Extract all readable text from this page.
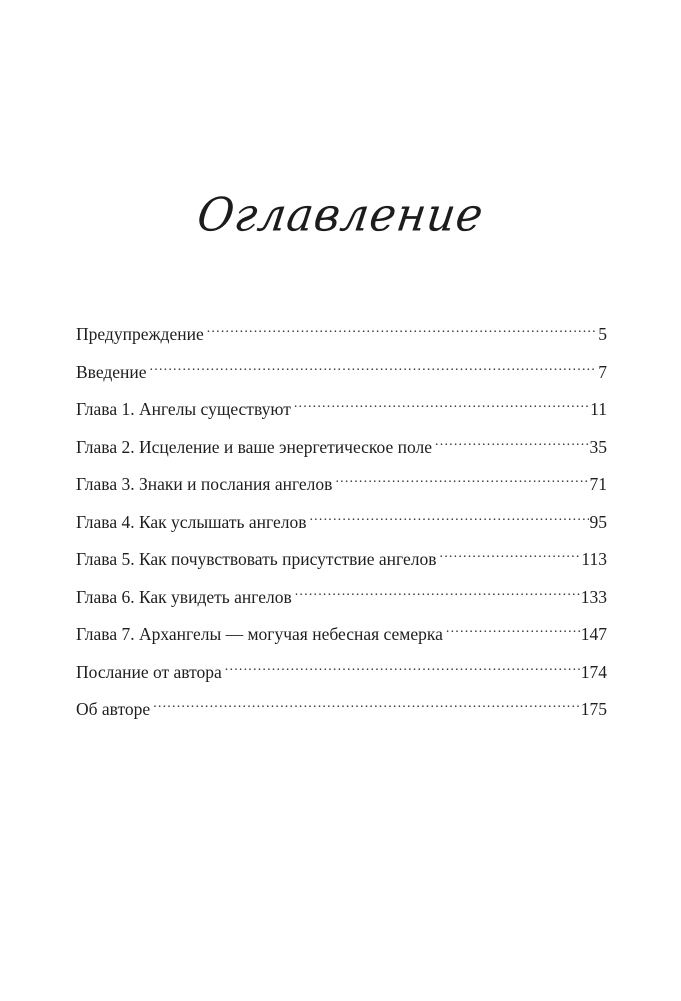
Оглавление
Предупреждение .....	5
Введение .....	7
Глава 1. Ангелы существуют .....	11
Глава 2. Исцеление и ваше энергетическое поле .....	35
Глава 3. Знаки и послания ангелов .....	71
Глава 4. Как услышать ангелов .....	95
Глава 5. Как почувствовать присутствие ангелов .....	113
Глава 6. Как увидеть ангелов .....	133
Глава 7. Архангелы — могучая небесная семерка .....	147
Послание от автора .....	174
Об авторе .....	175
